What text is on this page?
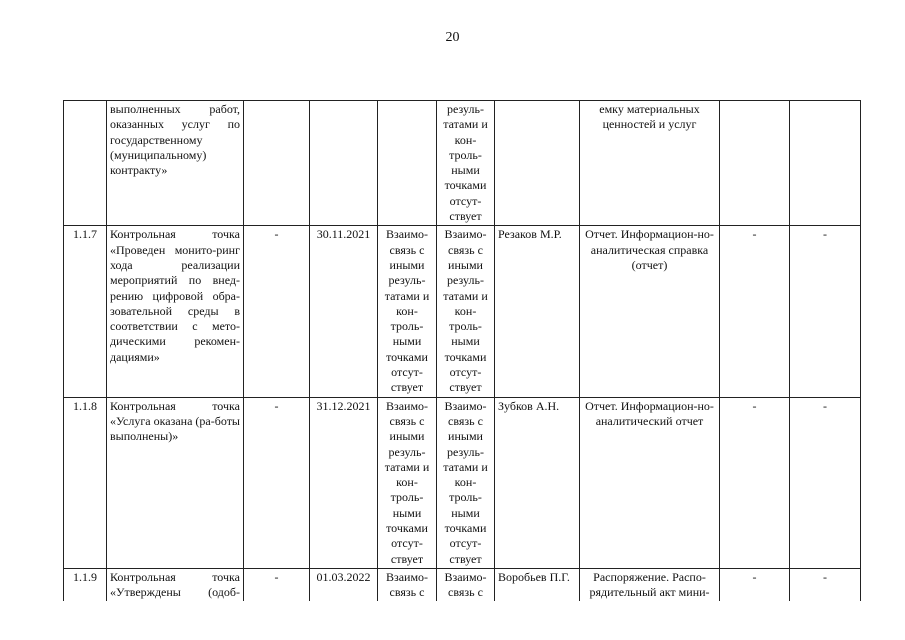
20
	выполненных работ, оказанных услуг по государственному (муниципальному) контракту»				резуль-татами и кон-троль-ными точками отсут-ствует		емку материальных ценностей и услуг		
1.1.7	Контрольная точка «Проведен монито-ринг хода реализации мероприятий по внед-рению цифровой обра-зовательной среды в соответствии с мето-дическими рекомен-дациями»	-	30.11.2021	Взаимо-связь с иными резуль-татами и кон-троль-ными точками отсут-ствует	Взаимо-связь с иными резуль-татами и кон-троль-ными точками отсут-ствует	Резаков М.Р.	Отчет. Информацион-но-аналитическая справка (отчет)	-	-
1.1.8	Контрольная точка «Услуга оказана (ра-боты выполнены)»	-	31.12.2021	Взаимо-связь с иными резуль-татами и кон-троль-ными точками отсут-ствует	Взаимо-связь с иными резуль-татами и кон-троль-ными точками отсут-ствует	Зубков А.Н.	Отчет. Информацион-но-аналитический отчет	-	-
1.1.9	Контрольная точка «Утверждены (одоб-	-	01.03.2022	Взаимо-связь с	Взаимо-связь с	Воробьев П.Г.	Распоряжение. Распо-рядительный акт мини-	-	-
